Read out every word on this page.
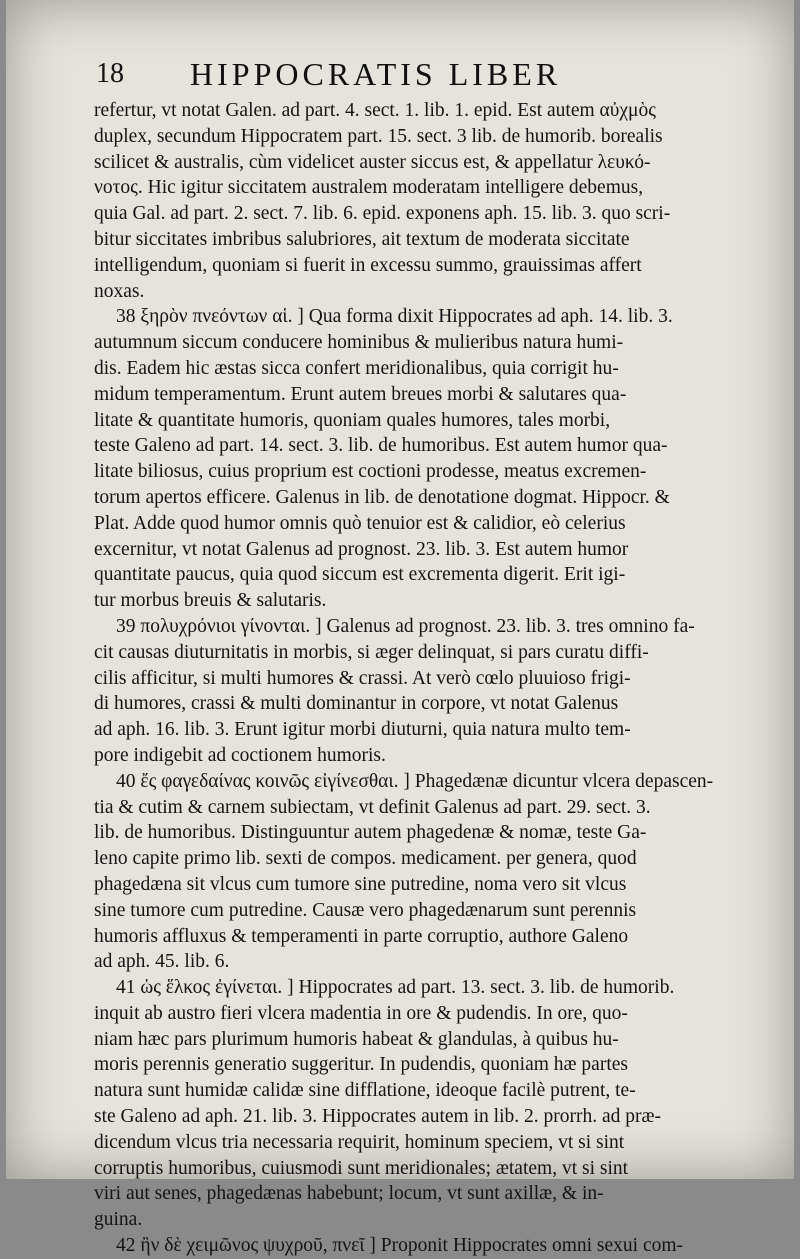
18 HIPPOCRATIS LIBER
refertur, vt notat Galen. ad part. 4. sect. 1. lib. 1. epid. Est autem αὐχμὸς
duplex, secundum Hippocratem part. 15. sect. 3 lib. de humorib. borealis
scilicet & australis, cùm videlicet auster siccus est, & appellatur λευκό-
νοτος. Hic igitur siccitatem australem moderatam intelligere debemus,
quia Gal. ad part. 2. sect. 7. lib. 6. epid. exponens aph. 15. lib. 3. quo scri-
bitur siccitates imbribus salubriores, ait textum de moderata siccitate
intelligendum, quoniam si fuerit in excessu summo, grauissimas affert
noxas.
38 ξηρὸν πνεόντων αἱ. ] Qua forma dixit Hippocrates ad aph. 14. lib. 3.
autumnum siccum conducere hominibus & mulieribus natura humi-
dis. Eadem hic æstas sicca confert meridionalibus, quia corrigit hu-
midum temperamentum. Erunt autem breues morbi & salutares qua-
litate & quantitate humoris, quoniam quales humores, tales morbi,
teste Galeno ad part. 14. sect. 3. lib. de humoribus. Est autem humor qua-
litate biliosus, cuius proprium est coctioni prodesse, meatus excremen-
torum apertos efficere. Galenus in lib. de denotatione dogmat. Hippocr. &
Plat. Adde quod humor omnis quò tenuior est & calidior, eò celerius
excernitur, vt notat Galenus ad prognost. 23. lib. 3. Est autem humor
quantitate paucus, quia quod siccum est excrementa digerit. Erit igi-
tur morbus breuis & salutaris.
39 πολυχρόνιοι γίνονται. ] Galenus ad prognost. 23. lib. 3. tres omnino fa-
cit causas diuturnitatis in morbis, si æger delinquat, si pars curatu diffi-
cilis afficitur, si multi humores & crassi. At verò cœlo pluuioso frigi-
di humores, crassi & multi dominantur in corpore, vt notat Galenus
ad aph. 16. lib. 3. Erunt igitur morbi diuturni, quia natura multo tem-
pore indigebit ad coctionem humoris.
40 ἔς φαγεδαίνας κοινῶς εἰγίνεσθαι. ] Phagedænæ dicuntur vlcera depascen-
tia & cutim & carnem subiectam, vt definit Galenus ad part. 29. sect. 3.
lib. de humoribus. Distinguuntur autem phagedenæ & nomæ, teste Ga-
leno capite primo lib. sexti de compos. medicament. per genera, quod
phagedæna sit vlcus cum tumore sine putredine, noma vero sit vlcus
sine tumore cum putredine. Causæ vero phagedænarum sunt perennis
humoris affluxus & temperamenti in parte corruptio, authore Galeno
ad aph. 45. lib. 6.
41 ὡς ἕλκος ἐγίνεται. ] Hippocrates ad part. 13. sect. 3. lib. de humorib.
inquit ab austro fieri vlcera madentia in ore & pudendis. In ore, quo-
niam hæc pars plurimum humoris habeat & glandulas, à quibus hu-
moris perennis generatio suggeritur. In pudendis, quoniam hæ partes
natura sunt humidæ calidæ sine difflatione, ideoque facilè putrent, te-
ste Galeno ad aph. 21. lib. 3. Hippocrates autem in lib. 2. prorrh. ad præ-
dicendum vlcus tria necessaria requirit, hominum speciem, vt si sint
corruptis humoribus, cuiusmodi sunt meridionales; ætatem, vt si sint
viri aut senes, phagedænas habebunt; locum, vt sunt axillæ, & in-
guina.
42 ἢν δὲ χειμῶνος ψυχροῦ, πνεῖ ] Proponit Hippocrates omni sexui com-
